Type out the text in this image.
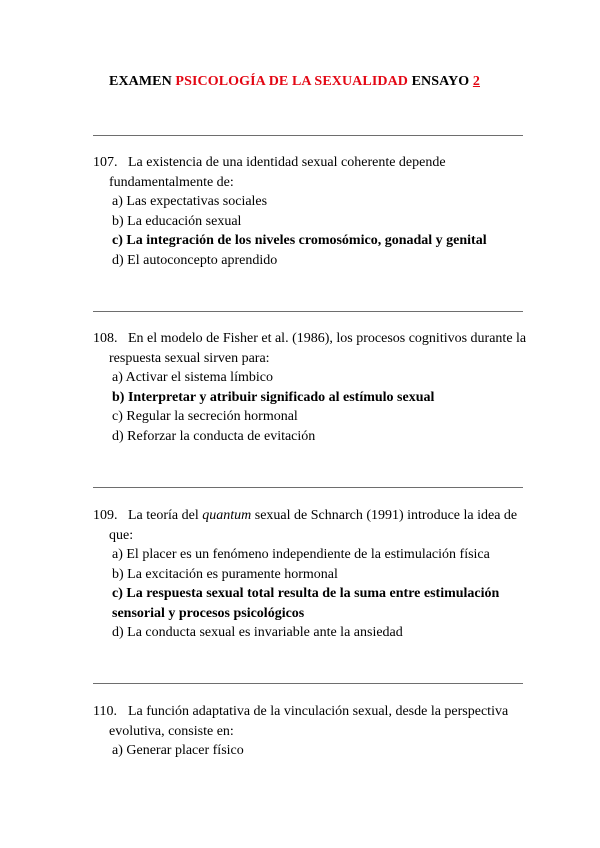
EXAMEN PSICOLOGÍA DE LA SEXUALIDAD ENSAYO 2
107. La existencia de una identidad sexual coherente depende fundamentalmente de:
a) Las expectativas sociales
b) La educación sexual
c) La integración de los niveles cromosómico, gonadal y genital
d) El autoconcepto aprendido
108. En el modelo de Fisher et al. (1986), los procesos cognitivos durante la respuesta sexual sirven para:
a) Activar el sistema límbico
b) Interpretar y atribuir significado al estímulo sexual
c) Regular la secreción hormonal
d) Reforzar la conducta de evitación
109. La teoría del quantum sexual de Schnarch (1991) introduce la idea de que:
a) El placer es un fenómeno independiente de la estimulación física
b) La excitación es puramente hormonal
c) La respuesta sexual total resulta de la suma entre estimulación sensorial y procesos psicológicos
d) La conducta sexual es invariable ante la ansiedad
110. La función adaptativa de la vinculación sexual, desde la perspectiva evolutiva, consiste en:
a) Generar placer físico
